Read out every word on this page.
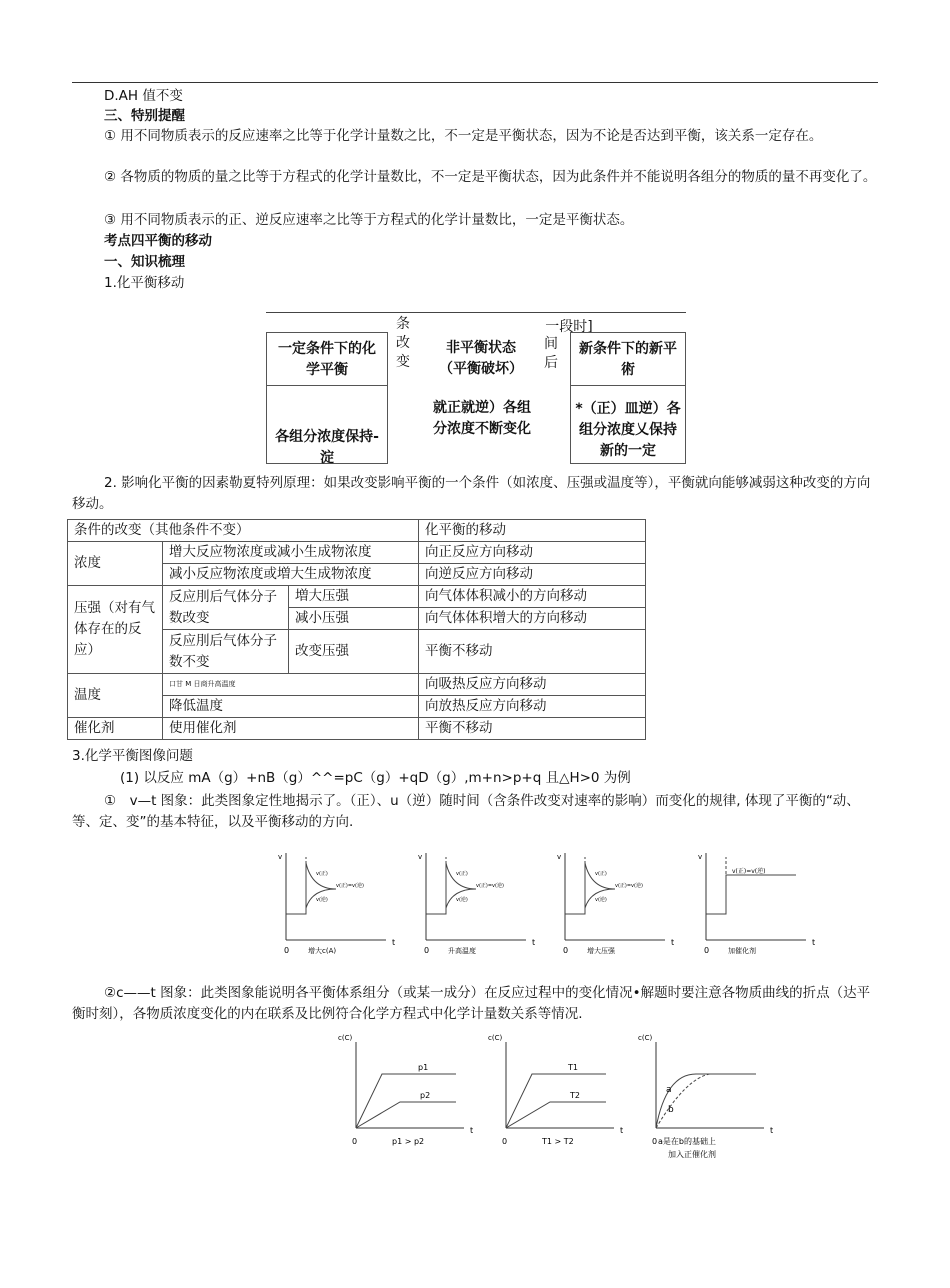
D.AH 值不变
三、特别提醒
① 用不同物质表示的反应速率之比等于化学计量数之比，不一定是平衡状态，因为不论是否达到平衡，该关系一定存在。
② 各物质的物质的量之比等于方程式的化学计量数比，不一定是平衡状态，因为此条件并不能说明各组分的物质的量不再变化了。
③ 用不同物质表示的正、逆反应速率之比等于方程式的化学计量数比，一定是平衡状态。
考点四平衡的移动
一、知识梳理
1.化平衡移动
一定条件下的化学平衡
各组分浓度保持-淀
条
改
变
非平衡状态
（平衡破坏）
就正就逆）各组分浓度不断变化
一段时]
间
后
新条件下的新平術
*（正）皿逆）各组分浓度乂保持新的一定
2. 影响化平衡的因素勒夏特列原理：如果改变影响平衡的一个条件（如浓度、压强或温度等），平衡就向能够减弱这种改变的方向移动。
条件的改变（其他条件不变）			化平衡的移动
浓度	增大反应物浓度或减小生成物浓度		向正反应方向移动
	减小反应物浓度或増大生成物浓度		向逆反应方向移动
压强（对有气体存在的反应）	反应刖后气体分子数改变	増大压强	向气体体积减小的方向移动
		减小压强	向气体体积增大的方向移动
	反应刖后气体分子数不变	改变压强	平衡不移动
温度	口甘 M 日商升高温度		向吸热反应方向移动
	降低温度		向放热反应方向移动
催化剂	使用催化剂		平衡不移动
3.化学平衡图像问题
(1) 以反应 mA（g）+nB（g）^^=pC（g）+qD（g）,m+n>p+q 且△H>0 为例
①　v—t 图象：此类图象定性地揭示了。（正）、u（逆）随时间（含条件改变对速率的影响）而变化的规律, 体现了平衡的“动、等、定、变”的基本特征，以及平衡移动的方向.
v
t
0	增大c(A)
v(正)
v(正)=v(逆)
v(逆)
v
t
0	升高温度
v(正)
v(正)=v(逆)
v(逆)
v
t
0	增大压强
v(正)
v(正)=v(逆)
v(逆)
v
t
0	加催化剂
v(正)=v(逆)
②c——t 图象：此类图象能说明各平衡体系组分（或某一成分）在反应过程中的变化情况•解题时要注意各物质曲线的折点（达平衡时刻），各物质浓度变化的内在联系及比例符合化学方程式中化学计量数关系等情况.
c(C)
t
0
p1
p2
p1 > p2
c(C)
t
0
T1
T2
T1 > T2
c(C)
t
0
a
b
a是在b的基础上
加入正催化剂
